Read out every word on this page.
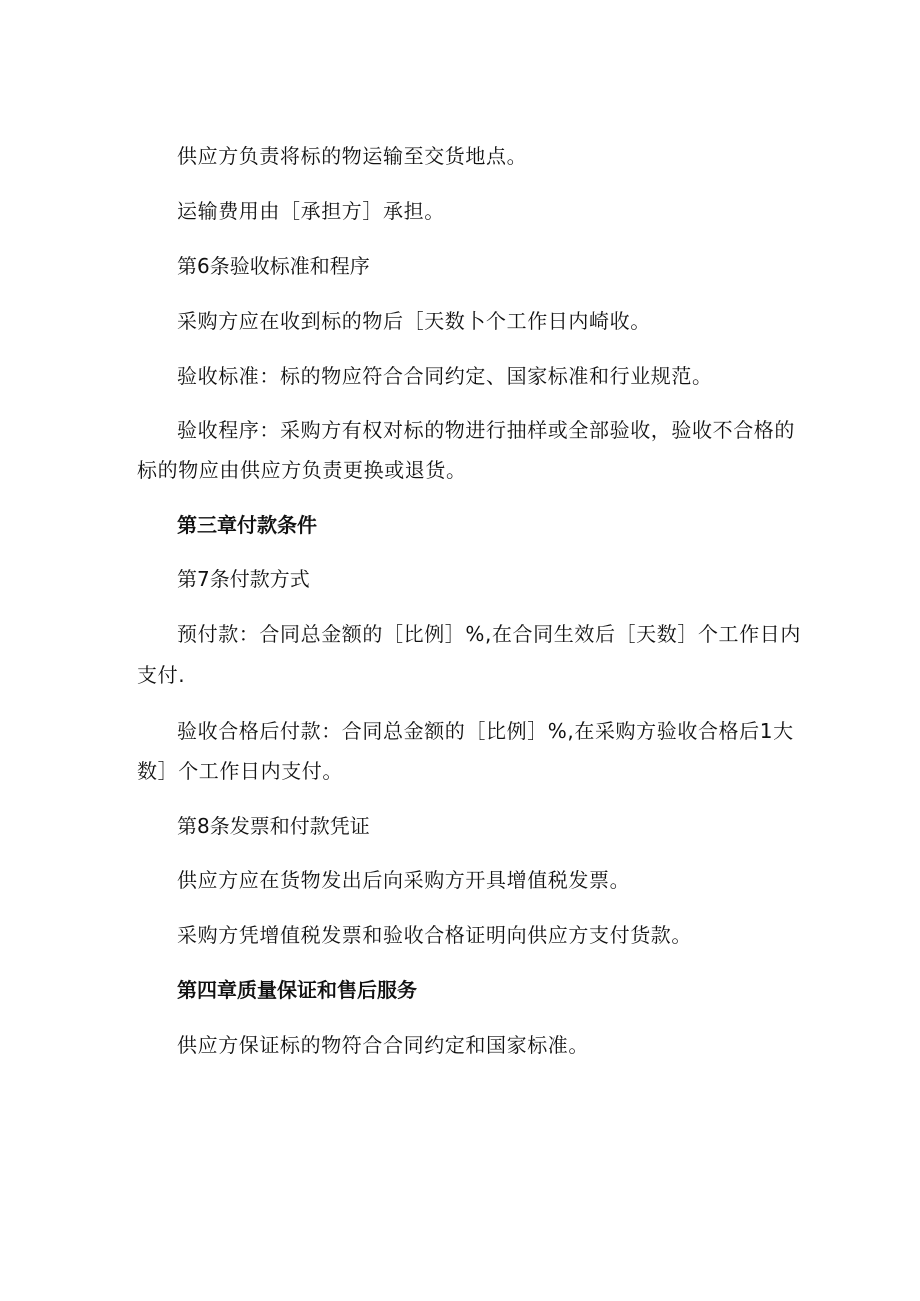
供应方负责将标的物运输至交货地点。
运输费用由［承担方］承担。
第6条验收标准和程序
采购方应在收到标的物后［天数卜个工作日内崎收。
验收标准：标的物应符合合同约定、国家标准和行业规范。
验收程序：采购方有权对标的物进行抽样或全部验收，验收不合格的
标的物应由供应方负责更换或退货。
第三章付款条件
第7条付款方式
预付款：合同总金额的［比例］%,在合同生效后［天数］个工作日内
支付.
验收合格后付款：合同总金额的［比例］%,在采购方验收合格后1大
数］个工作日内支付。
第8条发票和付款凭证
供应方应在货物发出后向采购方开具增值税发票。
采购方凭增值税发票和验收合格证明向供应方支付货款。
第四章质量保证和售后服务
供应方保证标的物符合合同约定和国家标准。
